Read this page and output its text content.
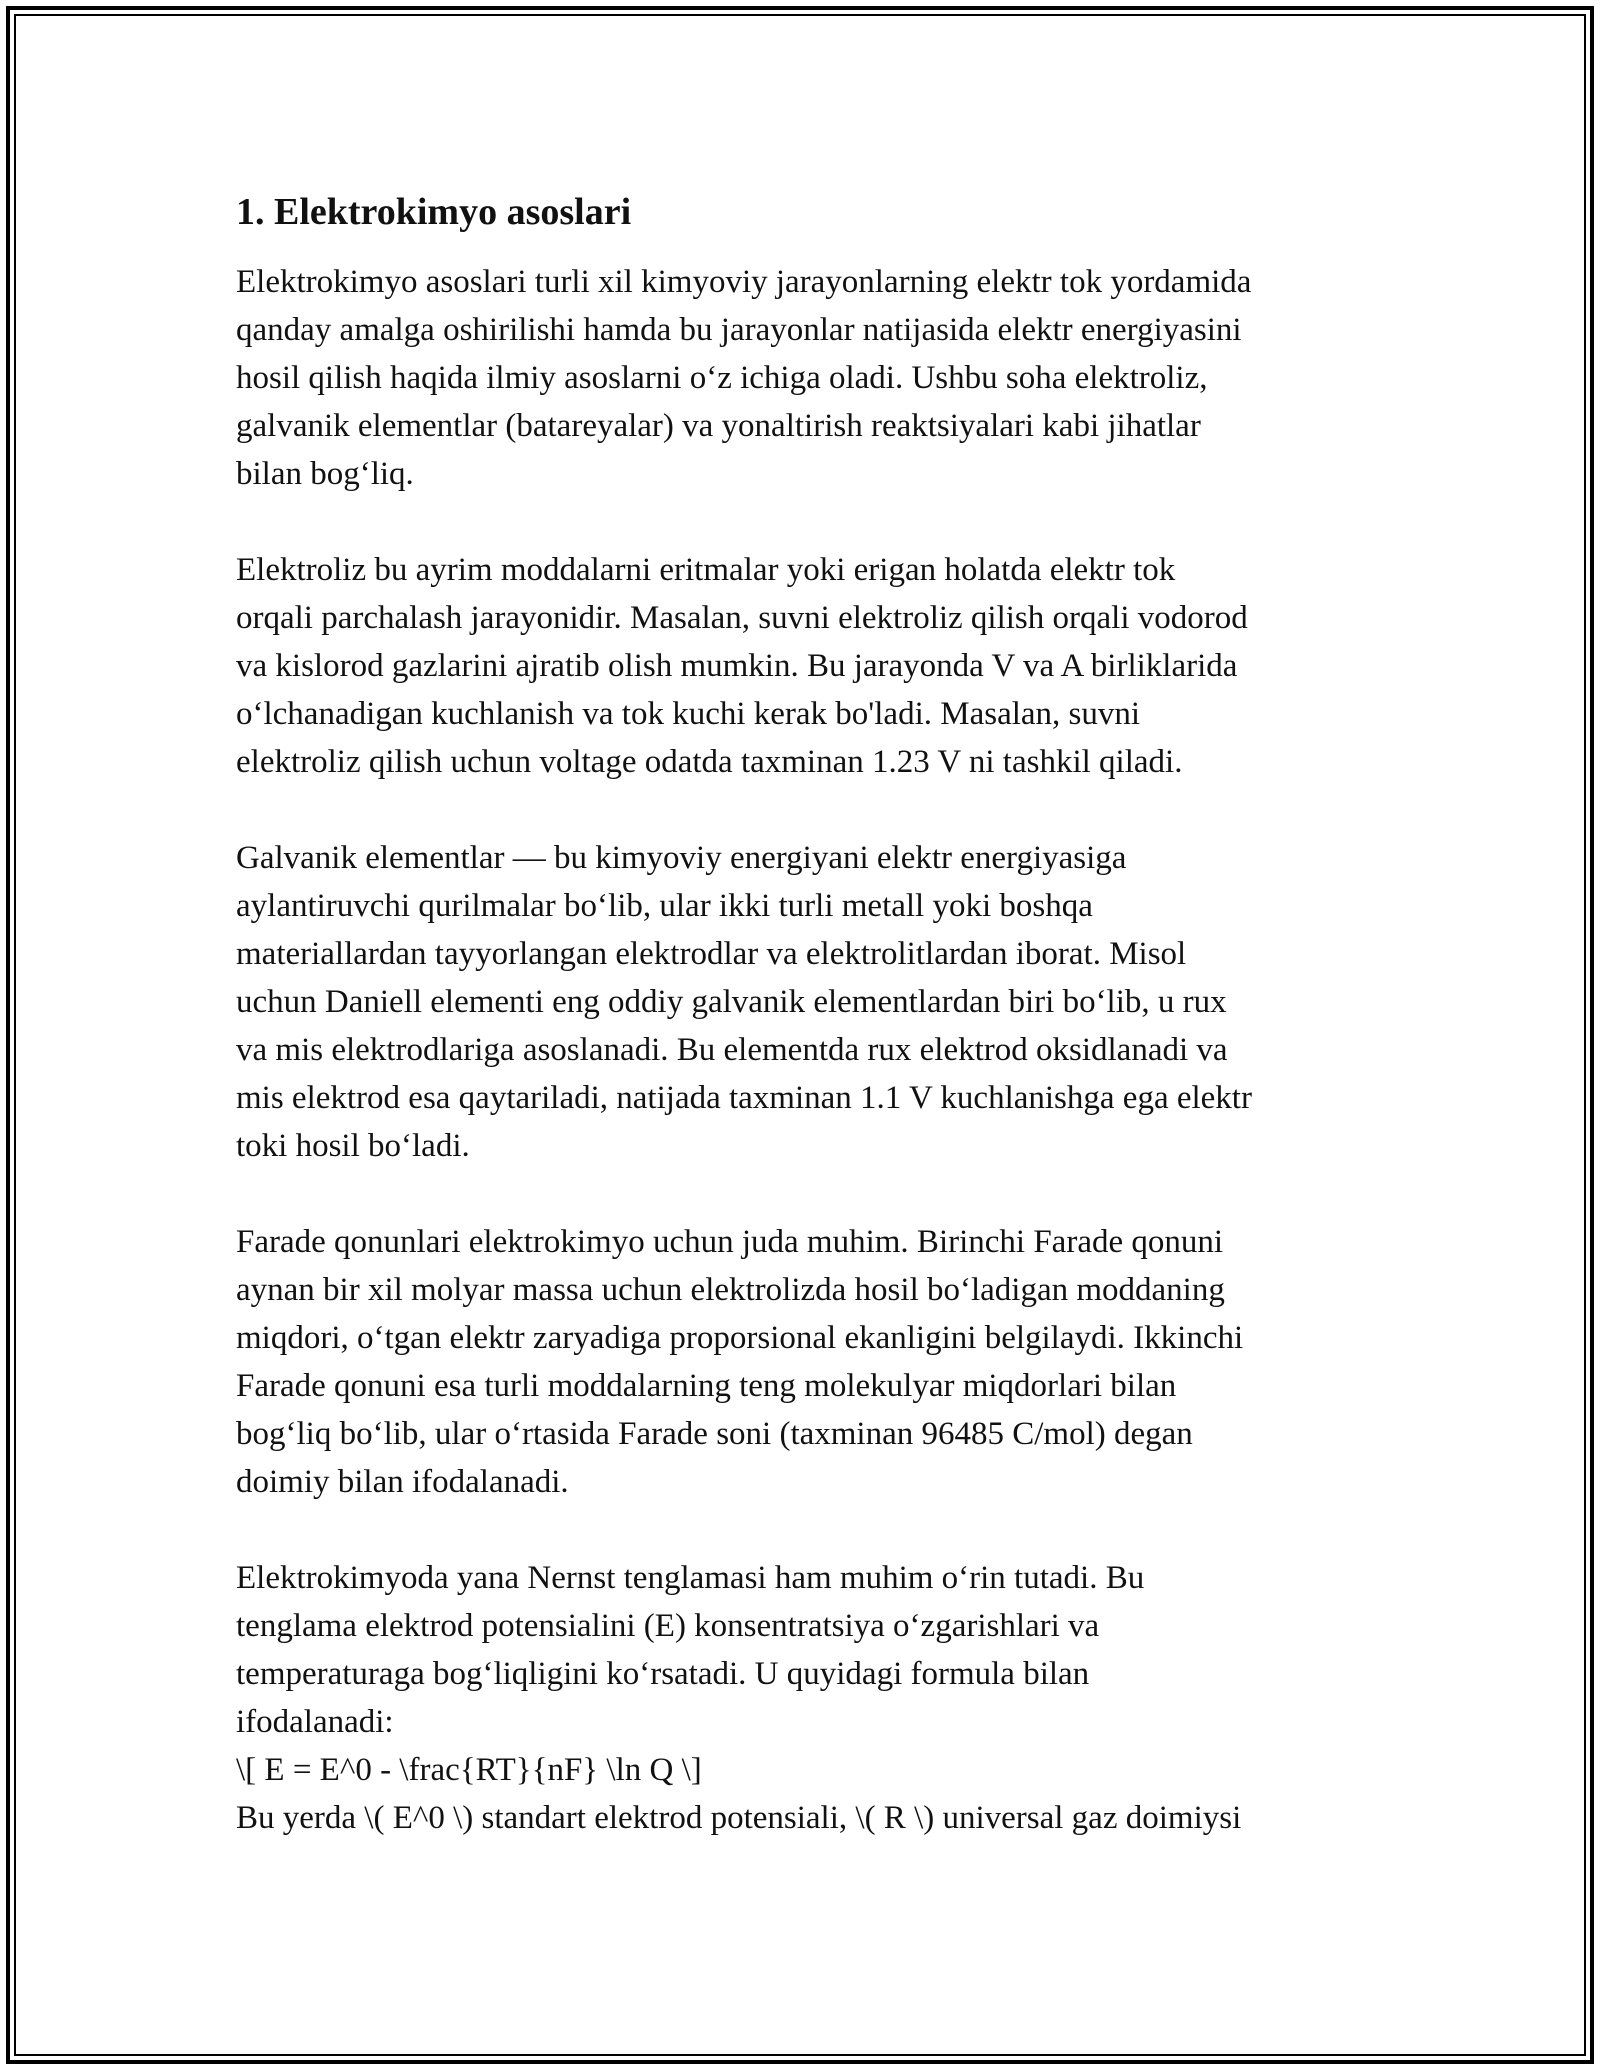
1. Elektrokimyo asoslari
Elektrokimyo asoslari turli xil kimyoviy jarayonlarning elektr tok yordamida
qanday amalga oshirilishi hamda bu jarayonlar natijasida elektr energiyasini
hosil qilish haqida ilmiy asoslarni oʻz ichiga oladi. Ushbu soha elektroliz,
galvanik elementlar (batareyalar) va yonaltirish reaktsiyalari kabi jihatlar
bilan bogʻliq.
Elektroliz bu ayrim moddalarni eritmalar yoki erigan holatda elektr tok
orqali parchalash jarayonidir. Masalan, suvni elektroliz qilish orqali vodorod
va kislorod gazlarini ajratib olish mumkin. Bu jarayonda V va A birliklarida
oʻlchanadigan kuchlanish va tok kuchi kerak bo'ladi. Masalan, suvni
elektroliz qilish uchun voltage odatda taxminan 1.23 V ni tashkil qiladi.
Galvanik elementlar — bu kimyoviy energiyani elektr energiyasiga
aylantiruvchi qurilmalar boʻlib, ular ikki turli metall yoki boshqa
materiallardan tayyorlangan elektrodlar va elektrolitlardan iborat. Misol
uchun Daniell elementi eng oddiy galvanik elementlardan biri boʻlib, u rux
va mis elektrodlariga asoslanadi. Bu elementda rux elektrod oksidlanadi va
mis elektrod esa qaytariladi, natijada taxminan 1.1 V kuchlanishga ega elektr
toki hosil boʻladi.
Farade qonunlari elektrokimyo uchun juda muhim. Birinchi Farade qonuni
aynan bir xil molyar massa uchun elektrolizda hosil boʻladigan moddaning
miqdori, oʻtgan elektr zaryadiga proporsional ekanligini belgilaydi. Ikkinchi
Farade qonuni esa turli moddalarning teng molekulyar miqdorlari bilan
bogʻliq boʻlib, ular oʻrtasida Farade soni (taxminan 96485 C/mol) degan
doimiy bilan ifodalanadi.
Elektrokimyoda yana Nernst tenglamasi ham muhim oʻrin tutadi. Bu
tenglama elektrod potensialini (E) konsentratsiya oʻzgarishlari va
temperaturaga bogʻliqligini koʻrsatadi. U quyidagi formula bilan
ifodalanadi:
\[ E = E^0 - \frac{RT}{nF} \ln Q \]
Bu yerda \( E^0 \) standart elektrod potensiali, \( R \) universal gaz doimiysi
